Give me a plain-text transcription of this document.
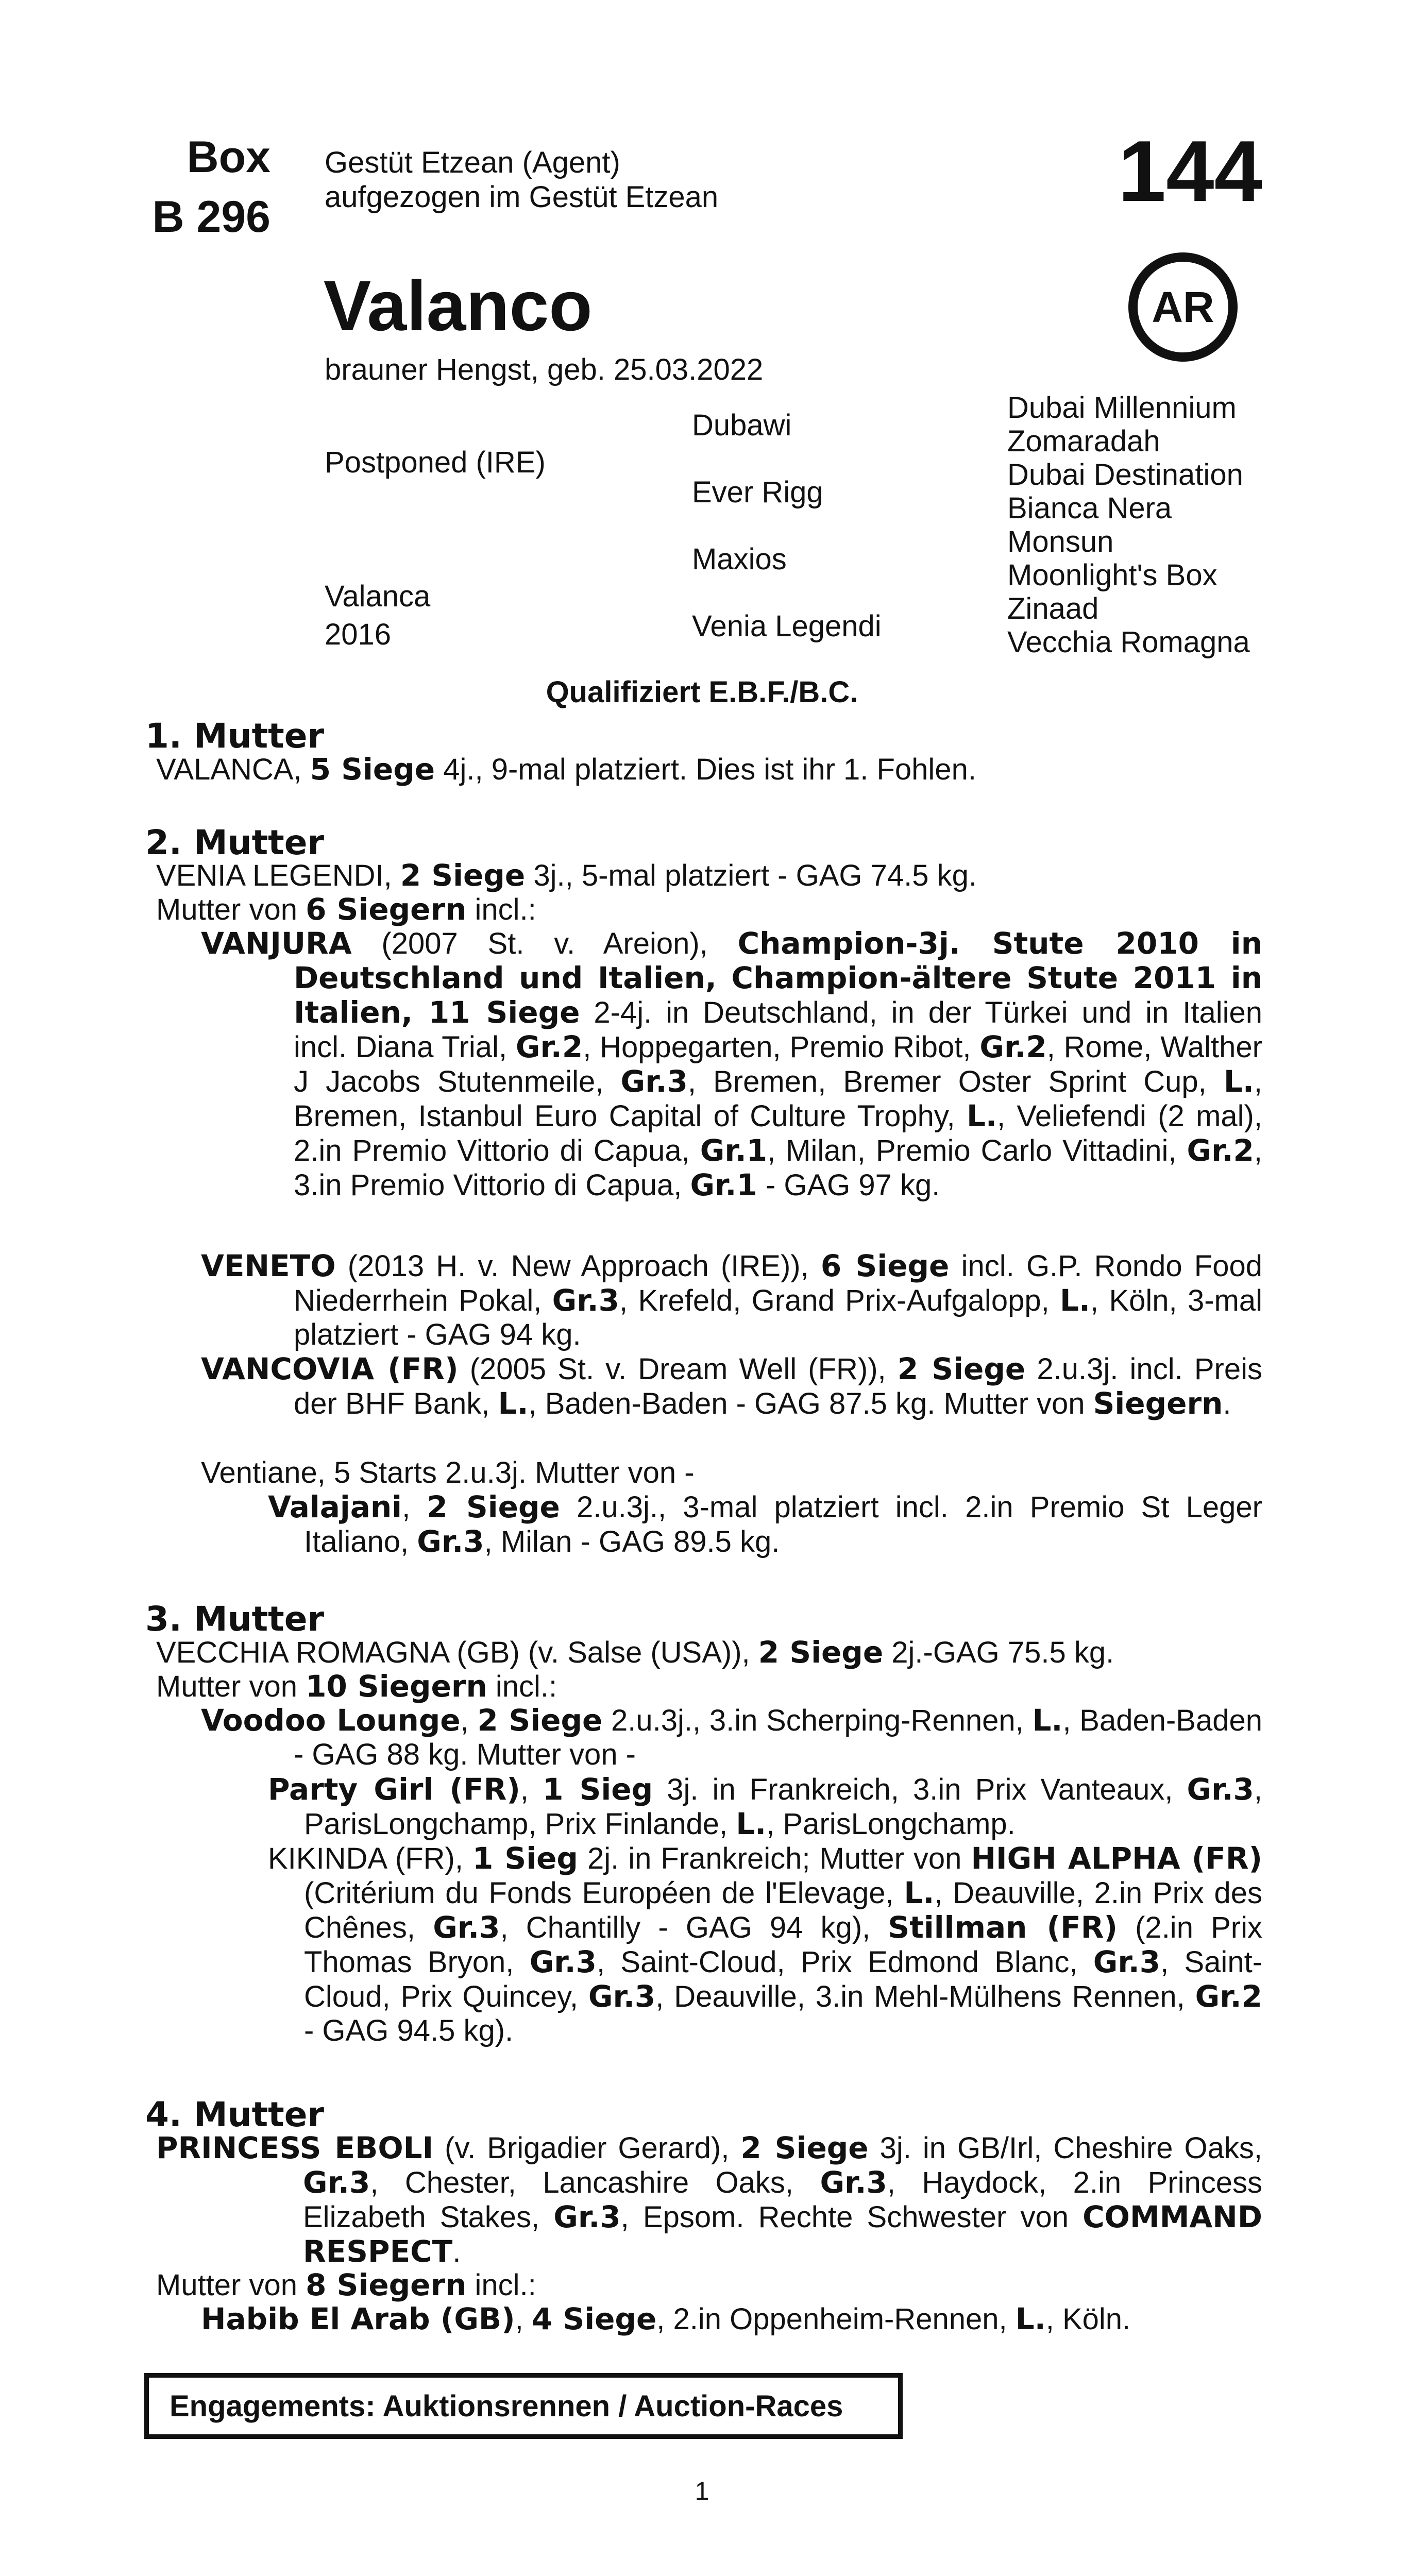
Box
B 296
Gestüt Etzean (Agent)
aufgezogen im Gestüt Etzean	144
AR
Valanco
brauner Hengst, geb. 25.03.2022
Postponed (IRE)
Valanca
2016
Dubawi
Ever Rigg
Maxios
Venia Legendi
Dubai Millennium
Zomaradah
Dubai Destination
Bianca Nera
Monsun
Moonlight's Box
Zinaad
Vecchia Romagna
Qualifiziert E.B.F./B.C.
1. Mutter
VALANCA, 5 Siege 4j., 9-mal platziert. Dies ist ihr 1. Fohlen.
2. Mutter
VENIA LEGENDI, 2 Siege 3j., 5-mal platziert - GAG 74.5 kg.
Mutter von 6 Siegern incl.:
VANJURA (2007 St. v. Areion), Champion-3j. Stute 2010 in Deutschland und Italien, Champion-ältere Stute 2011 in Italien, 11 Siege 2-4j. in Deutschland, in der Türkei und in Italien incl. Diana Trial, Gr.2, Hoppegarten, Premio Ribot, Gr.2, Rome, Walther J Jacobs Stutenmeile, Gr.3, Bremen, Bremer Oster Sprint Cup, L., Bremen, Istanbul Euro Capital of Culture Trophy, L., Veliefendi (2 mal), 2.in Premio Vittorio di Capua, Gr.1, Milan, Premio Carlo Vittadini, Gr.2, 3.in Premio Vittorio di Capua, Gr.1 - GAG 97 kg.
VENETO (2013 H. v. New Approach (IRE)), 6 Siege incl. G.P. Rondo Food Niederrhein Pokal, Gr.3, Krefeld, Grand Prix-Aufgalopp, L., Köln, 3-mal platziert - GAG 94 kg.
VANCOVIA (FR) (2005 St. v. Dream Well (FR)), 2 Siege 2.u.3j. incl. Preis der BHF Bank, L., Baden-Baden - GAG 87.5 kg. Mutter von Siegern.
Ventiane, 5 Starts 2.u.3j. Mutter von -
Valajani, 2 Siege 2.u.3j., 3-mal platziert incl. 2.in Premio St Leger Italiano, Gr.3, Milan - GAG 89.5 kg.
3. Mutter
VECCHIA ROMAGNA (GB) (v. Salse (USA)), 2 Siege 2j.-GAG 75.5 kg.
Mutter von 10 Siegern incl.:
Voodoo Lounge, 2 Siege 2.u.3j., 3.in Scherping-Rennen, L., Baden-Baden - GAG 88 kg. Mutter von -
Party Girl (FR), 1 Sieg 3j. in Frankreich, 3.in Prix Vanteaux, Gr.3, ParisLongchamp, Prix Finlande, L., ParisLongchamp.
KIKINDA (FR), 1 Sieg 2j. in Frankreich; Mutter von HIGH ALPHA (FR) (Critérium du Fonds Européen de l'Elevage, L., Deauville, 2.in Prix des Chênes, Gr.3, Chantilly - GAG 94 kg), Stillman (FR) (2.in Prix Thomas Bryon, Gr.3, Saint-Cloud, Prix Edmond Blanc, Gr.3, Saint-Cloud, Prix Quincey, Gr.3, Deauville, 3.in Mehl-Mülhens Rennen, Gr.2 - GAG 94.5 kg).
4. Mutter
PRINCESS EBOLI (v. Brigadier Gerard), 2 Siege 3j. in GB/Irl, Cheshire Oaks, Gr.3, Chester, Lancashire Oaks, Gr.3, Haydock, 2.in Princess Elizabeth Stakes, Gr.3, Epsom. Rechte Schwester von COMMAND RESPECT.
Mutter von 8 Siegern incl.:
Habib El Arab (GB), 4 Siege, 2.in Oppenheim-Rennen, L., Köln.
Engagements: Auktionsrennen / Auction-Races
1
